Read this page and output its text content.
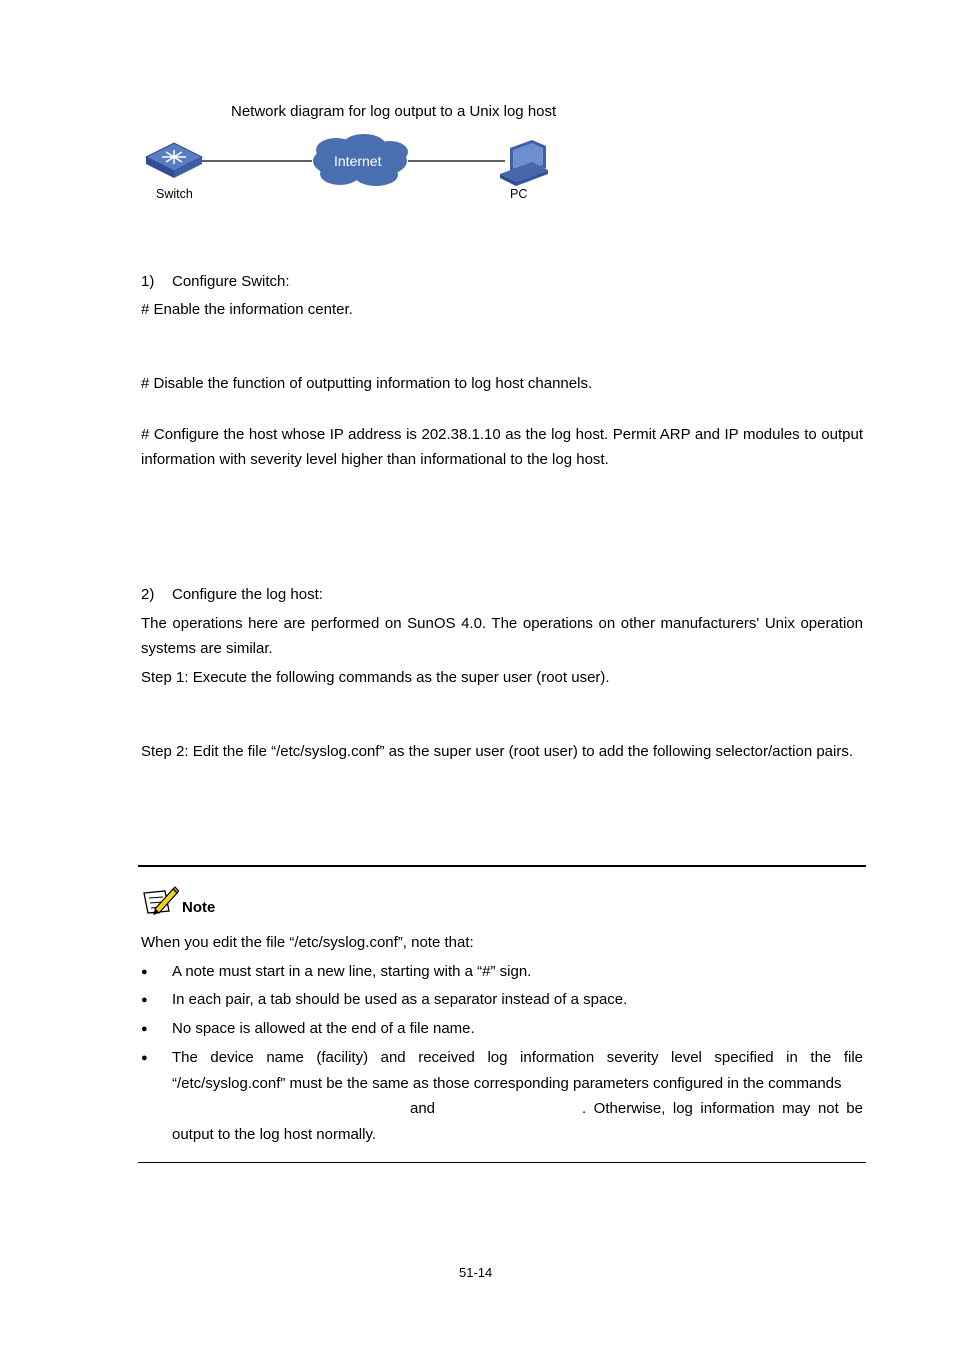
Network diagram for log output to a Unix log host
Internet
Switch	PC
1) Configure Switch:
# Enable the information center.
# Disable the function of outputting information to log host channels.
# Configure the host whose IP address is 202.38.1.10 as the log host. Permit ARP and IP modules to output information with severity level higher than informational to the log host.
2) Configure the log host:
The operations here are performed on SunOS 4.0. The operations on other manufacturers' Unix operation systems are similar.
Step 1: Execute the following commands as the super user (root user).
Step 2: Edit the file “/etc/syslog.conf” as the super user (root user) to add the following selector/action pairs.
Note
When you edit the file “/etc/syslog.conf”, note that:
● A note must start in a new line, starting with a “#” sign.
● In each pair, a tab should be used as a separator instead of a space.
● No space is allowed at the end of a file name.
● The device name (facility) and received log information severity level specified in the file “/etc/syslog.conf” must be the same as those corresponding parameters configured in the commands
and	. Otherwise, log information may not be output to the log host normally.
51-14
